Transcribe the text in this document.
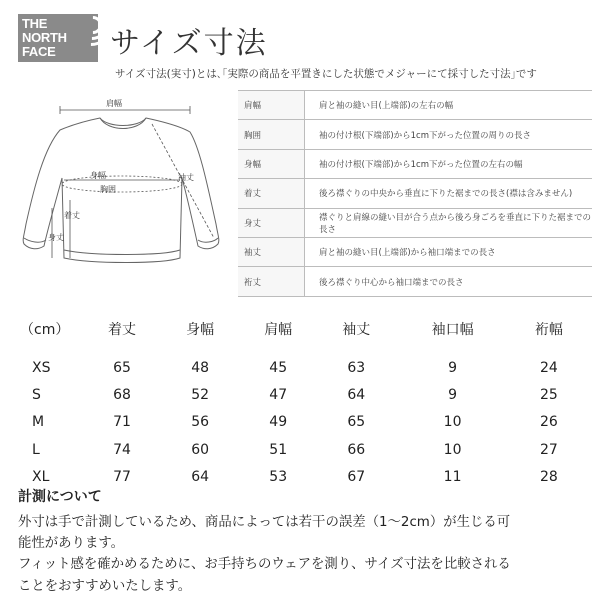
THE
NORTH
FACE サイズ寸法
サイズ寸法(実寸)とは､｢実際の商品を平置きにした状態でメジャーにて採寸した寸法｣です
肩幅
身幅
胸囲
袖丈
着丈
身丈
肩幅	肩と袖の縫い目(上端部)の左右の幅
胸囲	袖の付け根(下端部)から1cm下がった位置の周りの長さ
身幅	袖の付け根(下端部)から1cm下がった位置の左右の幅
着丈	後ろ襟ぐりの中央から垂直に下りた裾までの長さ(襟は含みません)
身丈	襟ぐりと肩線の縫い目が合う点から後ろ身ごろを垂直に下りた裾までの長さ
袖丈	肩と袖の縫い目(上端部)から袖口端までの長さ
裄丈	後ろ襟ぐり中心から袖口端までの長さ
（cm）	着丈	身幅	肩幅	袖丈	袖口幅	裄幅

XS	65	48	45	63	9	24
S	68	52	47	64	9	25
M	71	56	49	65	10	26
L	74	60	51	66	10	27
XL	77	64	53	67	11	28
計測について

外寸は手で計測しているため、商品によっては若干の誤差（1〜2cm）が生じる可

能性があります。

フィット感を確かめるために、お手持ちのウェアを測り、サイズ寸法を比較される

ことをおすすめいたします。
